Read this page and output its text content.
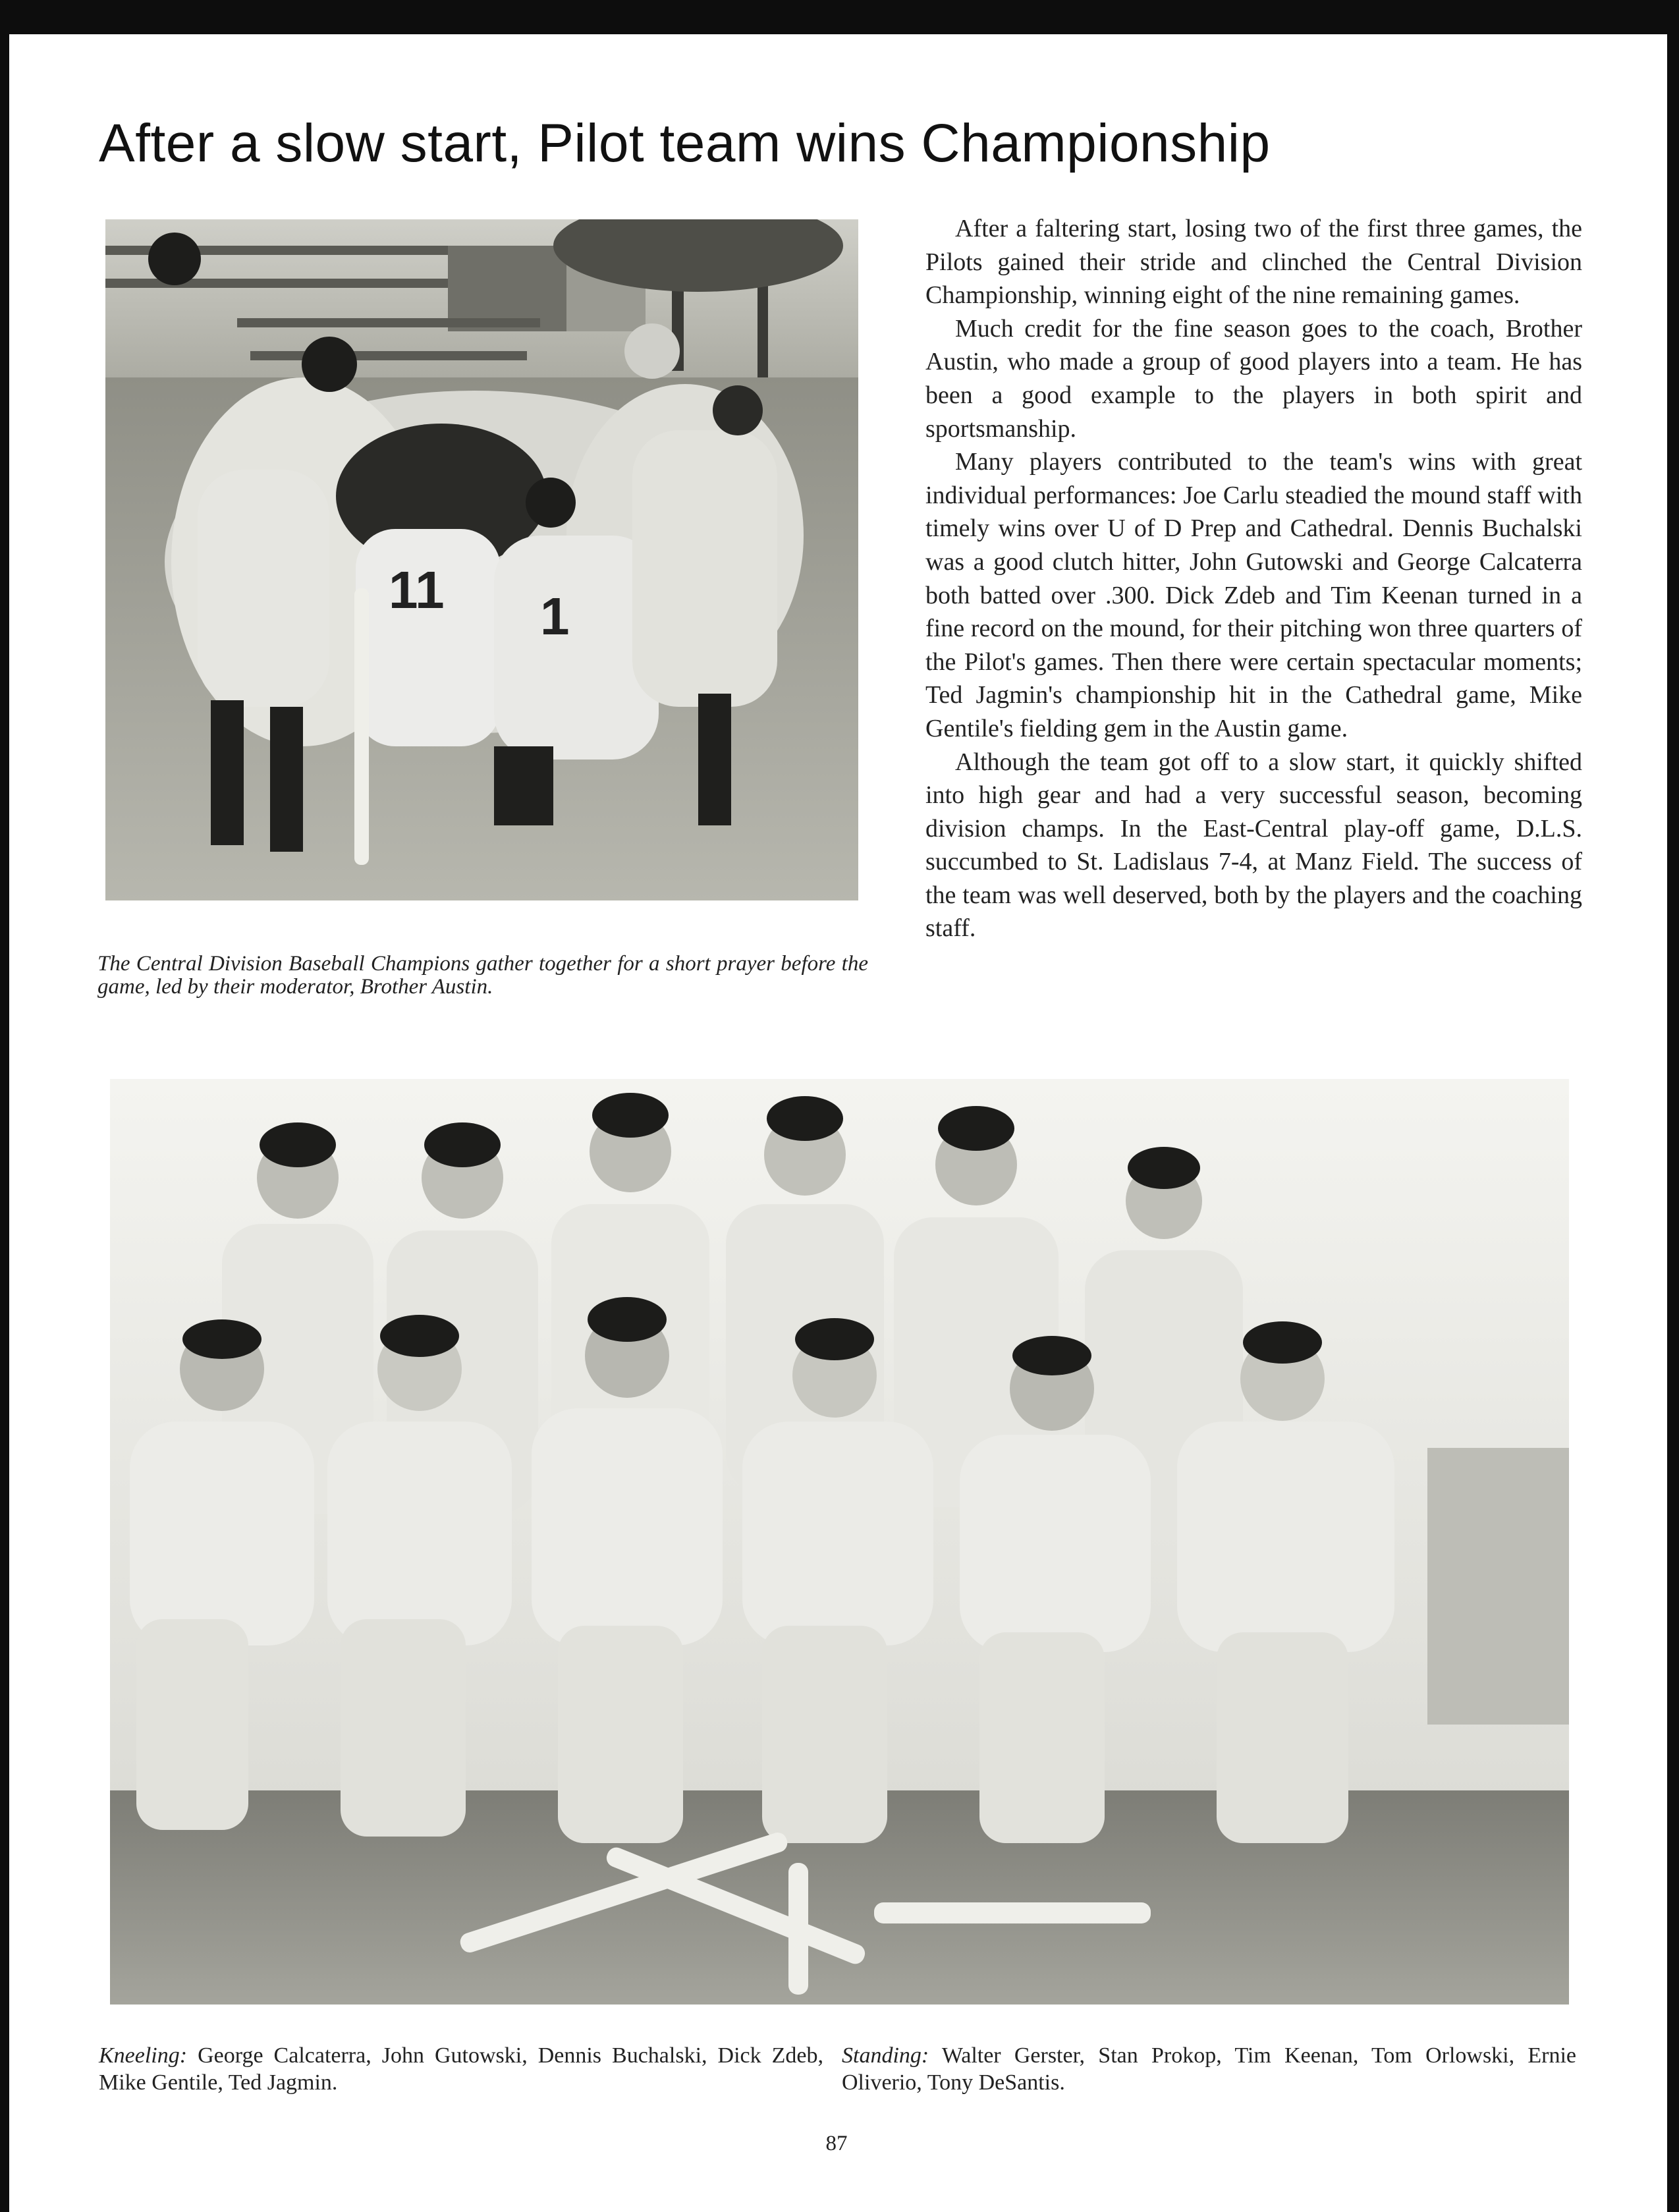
After a slow start, Pilot team wins Championship
11 1
The Central Division Baseball Champions gather together for a short prayer before the game, led by their moderator, Brother Austin.

After a faltering start, losing two of the first three games, the Pilots gained their stride and clinched the Central Division Championship, winning eight of the nine remaining games.

Much credit for the fine season goes to the coach, Brother Austin, who made a group of good players into a team. He has been a good example to the players in both spirit and sportsmanship.

Many players contributed to the team's wins with great individual performances: Joe Carlu steadied the mound staff with timely wins over U of D Prep and Cathedral. Dennis Buchalski was a good clutch hitter, John Gutowski and George Calcaterra both batted over .300. Dick Zdeb and Tim Keenan turned in a fine record on the mound, for their pitching won three quarters of the Pilot's games. Then there were certain spectacular moments; Ted Jagmin's championship hit in the Cathedral game, Mike Gentile's fielding gem in the Austin game.

Although the team got off to a slow start, it quickly shifted into high gear and had a very successful season, becoming division champs. In the East-Central play-off game, D.L.S. succumbed to St. Ladislaus 7-4, at Manz Field. The success of the team was well deserved, both by the players and the coaching staff.

Kneeling: George Calcaterra, John Gutowski, Dennis Buchalski, Dick Zdeb, Mike Gentile, Ted Jagmin.
Standing: Walter Gerster, Stan Prokop, Tim Keenan, Tom Orlowski, Ernie Oliverio, Tony DeSantis.
87
